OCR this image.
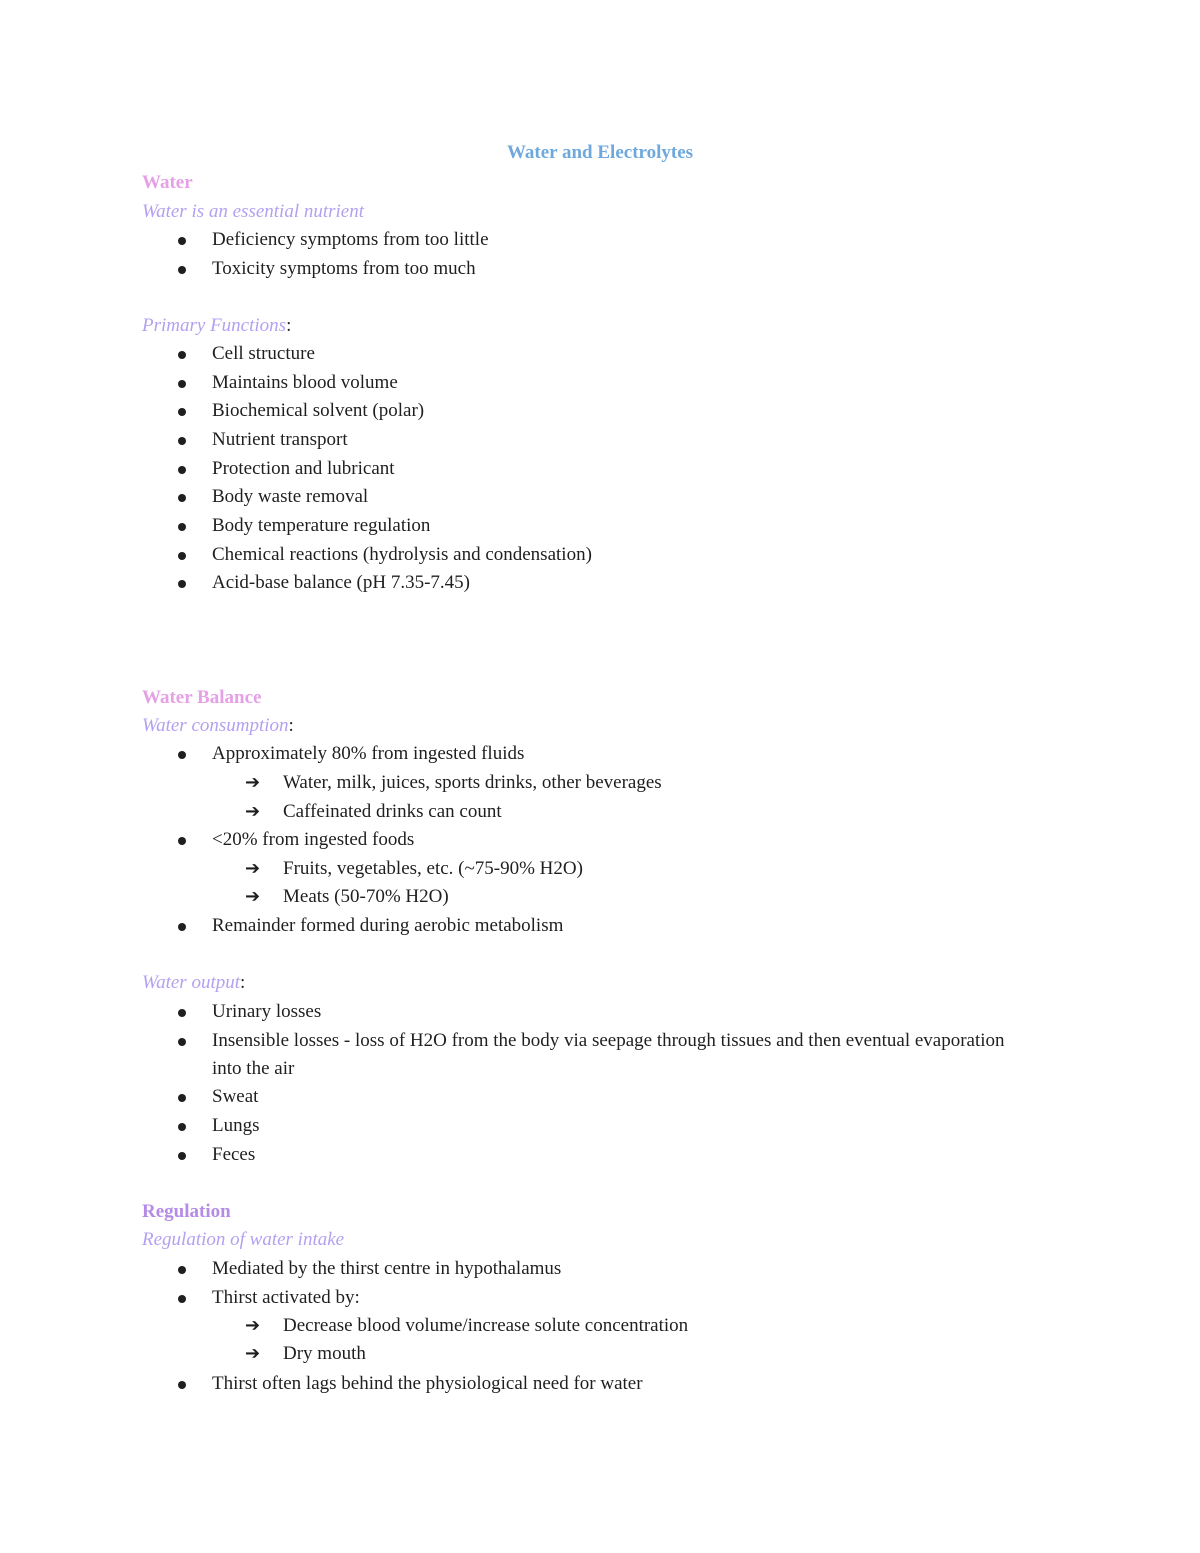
Water and Electrolytes
Water
Water is an essential nutrient
Deficiency symptoms from too little
Toxicity symptoms from too much
Primary Functions:
Cell structure
Maintains blood volume
Biochemical solvent (polar)
Nutrient transport
Protection and lubricant
Body waste removal
Body temperature regulation
Chemical reactions (hydrolysis and condensation)
Acid-base balance (pH 7.35-7.45)
Water Balance
Water consumption:
Approximately 80% from ingested fluids
➔ Water, milk, juices, sports drinks, other beverages
➔ Caffeinated drinks can count
<20% from ingested foods
➔ Fruits, vegetables, etc. (~75-90% H2O)
➔ Meats (50-70% H2O)
Remainder formed during aerobic metabolism
Water output:
Urinary losses
Insensible losses - loss of H2O from the body via seepage through tissues and then eventual evaporation into the air
Sweat
Lungs
Feces
Regulation
Regulation of water intake
Mediated by the thirst centre in hypothalamus
Thirst activated by:
➔ Decrease blood volume/increase solute concentration
➔ Dry mouth
Thirst often lags behind the physiological need for water
